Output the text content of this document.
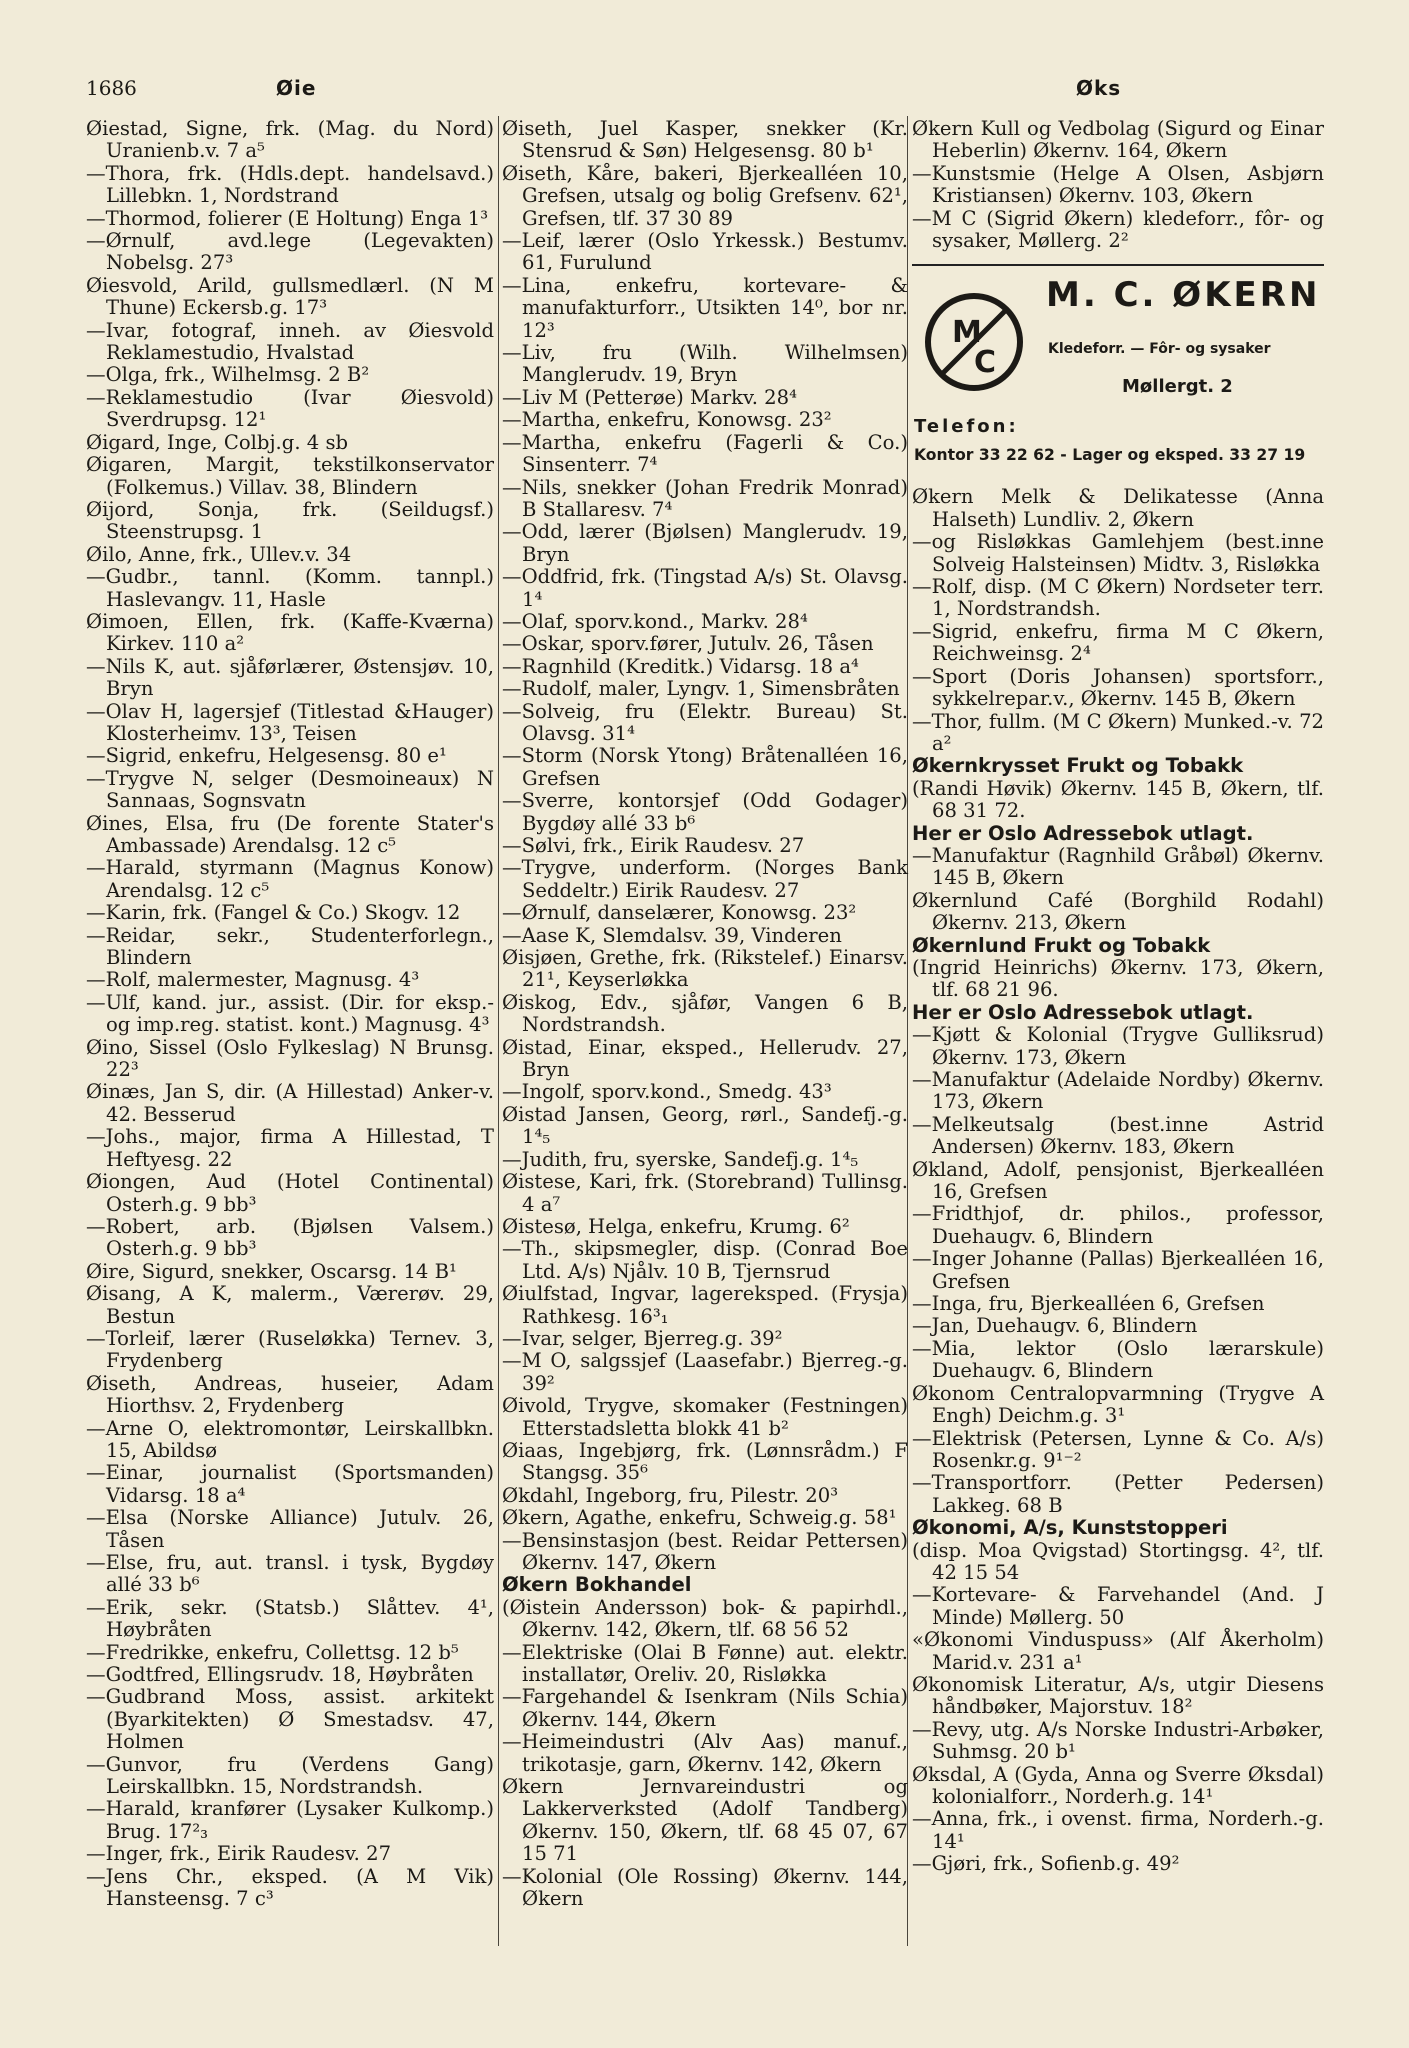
1686	Øie	Øks
Øiestad, Signe, frk. (Mag. du Nord) Uranienb.v. 7 a⁵
—Thora, frk. (Hdls.dept. handelsavd.) Lillebkn. 1, Nordstrand
—Thormod, folierer (E Holtung) Enga 1³
—Ørnulf, avd.lege (Legevakten) Nobelsg. 27³
Øiesvold, Arild, gullsmedlærl. (N M Thune) Eckersb.g. 17³
—Ivar, fotograf, inneh. av Øiesvold Reklamestudio, Hvalstad
—Olga, frk., Wilhelmsg. 2 B²
—Reklamestudio (Ivar Øiesvold) Sverdrupsg. 12¹
Øigard, Inge, Colbj.g. 4 sb
Øigaren, Margit, tekstilkonservator (Folkemus.) Villav. 38, Blindern
Øijord, Sonja, frk. (Seildugsf.) Steenstrupsg. 1
Øilo, Anne, frk., Ullev.v. 34
—Gudbr., tannl. (Komm. tannpl.) Haslevangv. 11, Hasle
Øimoen, Ellen, frk. (Kaffe-Kværna) Kirkev. 110 a²
—Nils K, aut. sjåførlærer, Østensjøv. 10, Bryn
—Olav H, lagersjef (Titlestad &Hauger) Klosterheimv. 13³, Teisen
—Sigrid, enkefru, Helgesensg. 80 e¹
—Trygve N, selger (Desmoineaux) N Sannaas, Sognsvatn
Øines, Elsa, fru (De forente Stater's Ambassade) Arendalsg. 12 c⁵
—Harald, styrmann (Magnus Konow) Arendalsg. 12 c⁵
—Karin, frk. (Fangel & Co.) Skogv. 12
—Reidar, sekr., Studenterforlegn., Blindern
—Rolf, malermester, Magnusg. 4³
—Ulf, kand. jur., assist. (Dir. for eksp.- og imp.reg. statist. kont.) Magnusg. 4³
Øino, Sissel (Oslo Fylkeslag) N Brunsg. 22³
Øinæs, Jan S, dir. (A Hillestad) Anker-v. 42. Besserud
—Johs., major, firma A Hillestad, T Heftyesg. 22
Øiongen, Aud (Hotel Continental) Osterh.g. 9 bb³
—Robert, arb. (Bjølsen Valsem.) Osterh.g. 9 bb³
Øire, Sigurd, snekker, Oscarsg. 14 B¹
Øisang, A K, malerm., Værerøv. 29, Bestun
—Torleif, lærer (Ruseløkka) Ternev. 3, Frydenberg
Øiseth, Andreas, huseier, Adam Hiorthsv. 2, Frydenberg
—Arne O, elektromontør, Leirskallbkn. 15, Abildsø
—Einar, journalist (Sportsmanden) Vidarsg. 18 a⁴
—Elsa (Norske Alliance) Jutulv. 26, Tåsen
—Else, fru, aut. transl. i tysk, Bygdøy allé 33 b⁶
—Erik, sekr. (Statsb.) Slåttev. 4¹, Høybråten
—Fredrikke, enkefru, Collettsg. 12 b⁵
—Godtfred, Ellingsrudv. 18, Høybråten
—Gudbrand Moss, assist. arkitekt (Byarkitekten) Ø Smestadsv. 47, Holmen
—Gunvor, fru (Verdens Gang) Leirskallbkn. 15, Nordstrandsh.
—Harald, kranfører (Lysaker Kulkomp.) Brug. 17²₃
—Inger, frk., Eirik Raudesv. 27
—Jens Chr., eksped. (A M Vik) Hansteensg. 7 c³
Øiseth, Juel Kasper, snekker (Kr. Stensrud & Søn) Helgesensg. 80 b¹
Øiseth, Kåre, bakeri, Bjerkealléen 10, Grefsen, utsalg og bolig Grefsenv. 62¹, Grefsen, tlf. 37 30 89
—Leif, lærer (Oslo Yrkessk.) Bestumv. 61, Furulund
—Lina, enkefru, kortevare- & manufakturforr., Utsikten 14⁰, bor nr. 12³
—Liv, fru (Wilh. Wilhelmsen) Manglerudv. 19, Bryn
—Liv M (Petterøe) Markv. 28⁴
—Martha, enkefru, Konowsg. 23²
—Martha, enkefru (Fagerli & Co.) Sinsenterr. 7⁴
—Nils, snekker (Johan Fredrik Monrad) B Stallaresv. 7⁴
—Odd, lærer (Bjølsen) Manglerudv. 19, Bryn
—Oddfrid, frk. (Tingstad A/s) St. Olavsg. 1⁴
—Olaf, sporv.kond., Markv. 28⁴
—Oskar, sporv.fører, Jutulv. 26, Tåsen
—Ragnhild (Kreditk.) Vidarsg. 18 a⁴
—Rudolf, maler, Lyngv. 1, Simensbråten
—Solveig, fru (Elektr. Bureau) St. Olavsg. 31⁴
—Storm (Norsk Ytong) Bråtenalléen 16, Grefsen
—Sverre, kontorsjef (Odd Godager) Bygdøy allé 33 b⁶
—Sølvi, frk., Eirik Raudesv. 27
—Trygve, underform. (Norges Bank Seddeltr.) Eirik Raudesv. 27
—Ørnulf, danselærer, Konowsg. 23²
—Aase K, Slemdalsv. 39, Vinderen
Øisjøen, Grethe, frk. (Rikstelef.) Einarsv. 21¹, Keyserløkka
Øiskog, Edv., sjåfør, Vangen 6 B, Nordstrandsh.
Øistad, Einar, eksped., Hellerudv. 27, Bryn
—Ingolf, sporv.kond., Smedg. 43³
Øistad Jansen, Georg, rørl., Sandefj.-g. 1⁴₅
—Judith, fru, syerske, Sandefj.g. 1⁴₅
Øistese, Kari, frk. (Storebrand) Tullinsg. 4 a⁷
Øistesø, Helga, enkefru, Krumg. 6²
—Th., skipsmegler, disp. (Conrad Boe Ltd. A/s) Njålv. 10 B, Tjernsrud
Øiulfstad, Ingvar, lagereksped. (Frysja) Rathkesg. 16³₁
—Ivar, selger, Bjerreg.g. 39²
—M O, salgssjef (Laasefabr.) Bjerreg.-g. 39²
Øivold, Trygve, skomaker (Festningen) Etterstadsletta blokk 41 b²
Øiaas, Ingebjørg, frk. (Lønnsrådm.) F Stangsg. 35⁶
Økdahl, Ingeborg, fru, Pilestr. 20³
Økern, Agathe, enkefru, Schweig.g. 58¹
—Bensinstasjon (best. Reidar Pettersen) Økernv. 147, Økern
Økern Bokhandel
(Øistein Andersson) bok- & papirhdl., Økernv. 142, Økern, tlf. 68 56 52
—Elektriske (Olai B Fønne) aut. elektr. installatør, Oreliv. 20, Risløkka
—Fargehandel & Isenkram (Nils Schia) Økernv. 144, Økern
—Heimeindustri (Alv Aas) manuf., trikotasje, garn, Økernv. 142, Økern
Økern Jernvareindustri og Lakkerverksted (Adolf Tandberg) Økernv. 150, Økern, tlf. 68 45 07, 67 15 71
—Kolonial (Ole Rossing) Økernv. 144, Økern
Økern Kull og Vedbolag (Sigurd og Einar Heberlin) Økernv. 164, Økern
—Kunstsmie (Helge A Olsen, Asbjørn Kristiansen) Økernv. 103, Økern
—M C (Sigrid Økern) kledeforr., fôr- og sysaker, Møllerg. 2²
M
C
M. C. ØKERN
Kledeforr. — Fôr- og sysaker
Møllergt. 2
Telefon:
Kontor 33 22 62 - Lager og eksped. 33 27 19
Økern Melk & Delikatesse (Anna Halseth) Lundliv. 2, Økern
—og Risløkkas Gamlehjem (best.inne Solveig Halsteinsen) Midtv. 3, Risløkka
—Rolf, disp. (M C Økern) Nordseter terr. 1, Nordstrandsh.
—Sigrid, enkefru, firma M C Økern, Reichweinsg. 2⁴
—Sport (Doris Johansen) sportsforr., sykkelrepar.v., Økernv. 145 B, Økern
—Thor, fullm. (M C Økern) Munked.-v. 72 a²
Økernkrysset Frukt og Tobakk
(Randi Høvik) Økernv. 145 B, Økern, tlf. 68 31 72.
Her er Oslo Adressebok utlagt.
—Manufaktur (Ragnhild Gråbøl) Økernv. 145 B, Økern
Økernlund Café (Borghild Rodahl) Økernv. 213, Økern
Økernlund Frukt og Tobakk
(Ingrid Heinrichs) Økernv. 173, Økern, tlf. 68 21 96.
Her er Oslo Adressebok utlagt.
—Kjøtt & Kolonial (Trygve Gulliksrud) Økernv. 173, Økern
—Manufaktur (Adelaide Nordby) Økernv. 173, Økern
—Melkeutsalg (best.inne Astrid Andersen) Økernv. 183, Økern
Økland, Adolf, pensjonist, Bjerkealléen 16, Grefsen
—Fridthjof, dr. philos., professor, Duehaugv. 6, Blindern
—Inger Johanne (Pallas) Bjerkealléen 16, Grefsen
—Inga, fru, Bjerkealléen 6, Grefsen
—Jan, Duehaugv. 6, Blindern
—Mia, lektor (Oslo lærarskule) Duehaugv. 6, Blindern
Økonom Centralopvarmning (Trygve A Engh) Deichm.g. 3¹
—Elektrisk (Petersen, Lynne & Co. A/s) Rosenkr.g. 9¹⁻²
—Transportforr. (Petter Pedersen) Lakkeg. 68 B
Økonomi, A/s, Kunststopperi
(disp. Moa Qvigstad) Stortingsg. 4², tlf. 42 15 54
—Kortevare- & Farvehandel (And. J Minde) Møllerg. 50
«Økonomi Vinduspuss» (Alf Åkerholm) Marid.v. 231 a¹
Økonomisk Literatur, A/s, utgir Diesens håndbøker, Majorstuv. 18²
—Revy, utg. A/s Norske Industri-Arbøker, Suhmsg. 20 b¹
Øksdal, A (Gyda, Anna og Sverre Øksdal) kolonialforr., Norderh.g. 14¹
—Anna, frk., i ovenst. firma, Norderh.-g. 14¹
—Gjøri, frk., Sofienb.g. 49²
